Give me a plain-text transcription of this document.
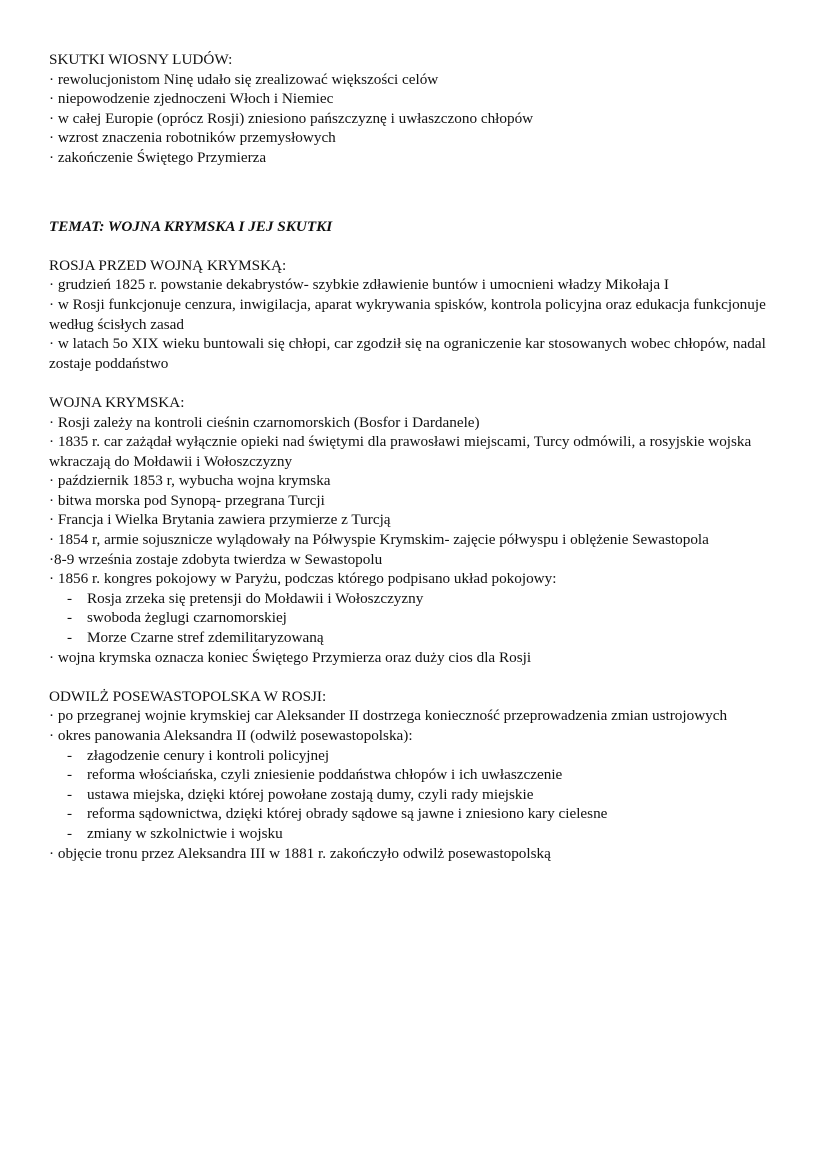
SKUTKI WIOSNY LUDÓW:

· rewolucjonistom Ninę udało się zrealizować większości celów

· niepowodzenie zjednoczeni Włoch i Niemiec

· w całej Europie (oprócz Rosji) zniesiono pańszczyznę i uwłaszczono chłopów

· wzrost znaczenia robotników przemysłowych

· zakończenie Świętego Przymierza

TEMAT: WOJNA KRYMSKA I JEJ SKUTKI

ROSJA PRZED WOJNĄ KRYMSKĄ:

· grudzień 1825 r. powstanie dekabrystów- szybkie zdławienie buntów i umocnieni władzy Mikołaja I

· w Rosji funkcjonuje cenzura, inwigilacja, aparat wykrywania spisków, kontrola policyjna oraz edukacja funkcjonuje według ścisłych zasad

· w latach 5o XIX wieku buntowali się chłopi, car zgodził się na ograniczenie kar stosowanych wobec chłopów, nadal zostaje poddaństwo

WOJNA KRYMSKA:

· Rosji zależy na kontroli cieśnin czarnomorskich (Bosfor i Dardanele)

· 1835 r. car zażądał wyłącznie opieki nad świętymi dla prawosławi miejscami, Turcy odmówili, a rosyjskie wojska wkraczają do Mołdawii i Wołoszczyzny

· październik 1853 r, wybucha wojna krymska

· bitwa morska pod Synopą- przegrana Turcji

· Francja i Wielka Brytania zawiera przymierze z Turcją

· 1854 r, armie sojusznicze wylądowały na Półwyspie Krymskim- zajęcie półwyspu i oblężenie Sewastopola

·8-9 września zostaje zdobyta twierdza w Sewastopolu

· 1856 r. kongres pokojowy w Paryżu, podczas którego podpisano układ pokojowy:

- Rosja zrzeka się pretensji do Mołdawii i Wołoszczyzny
- swoboda żeglugi czarnomorskiej
- Morze Czarne stref zdemilitaryzowaną

· wojna krymska oznacza koniec Świętego Przymierza oraz duży cios dla Rosji

ODWILŻ POSEWASTOPOLSKA W ROSJI:

· po przegranej wojnie krymskiej car Aleksander II dostrzega konieczność przeprowadzenia zmian ustrojowych

· okres panowania Aleksandra II (odwilż posewastopolska):

- złagodzenie cenury i kontroli policyjnej
- reforma włościańska, czyli zniesienie poddaństwa chłopów i ich uwłaszczenie
- ustawa miejska, dzięki której powołane zostają dumy, czyli rady miejskie
- reforma sądownictwa, dzięki której obrady sądowe są jawne i zniesiono kary cielesne
- zmiany w szkolnictwie i wojsku

· objęcie tronu przez Aleksandra III w 1881 r. zakończyło odwilż posewastopolską
